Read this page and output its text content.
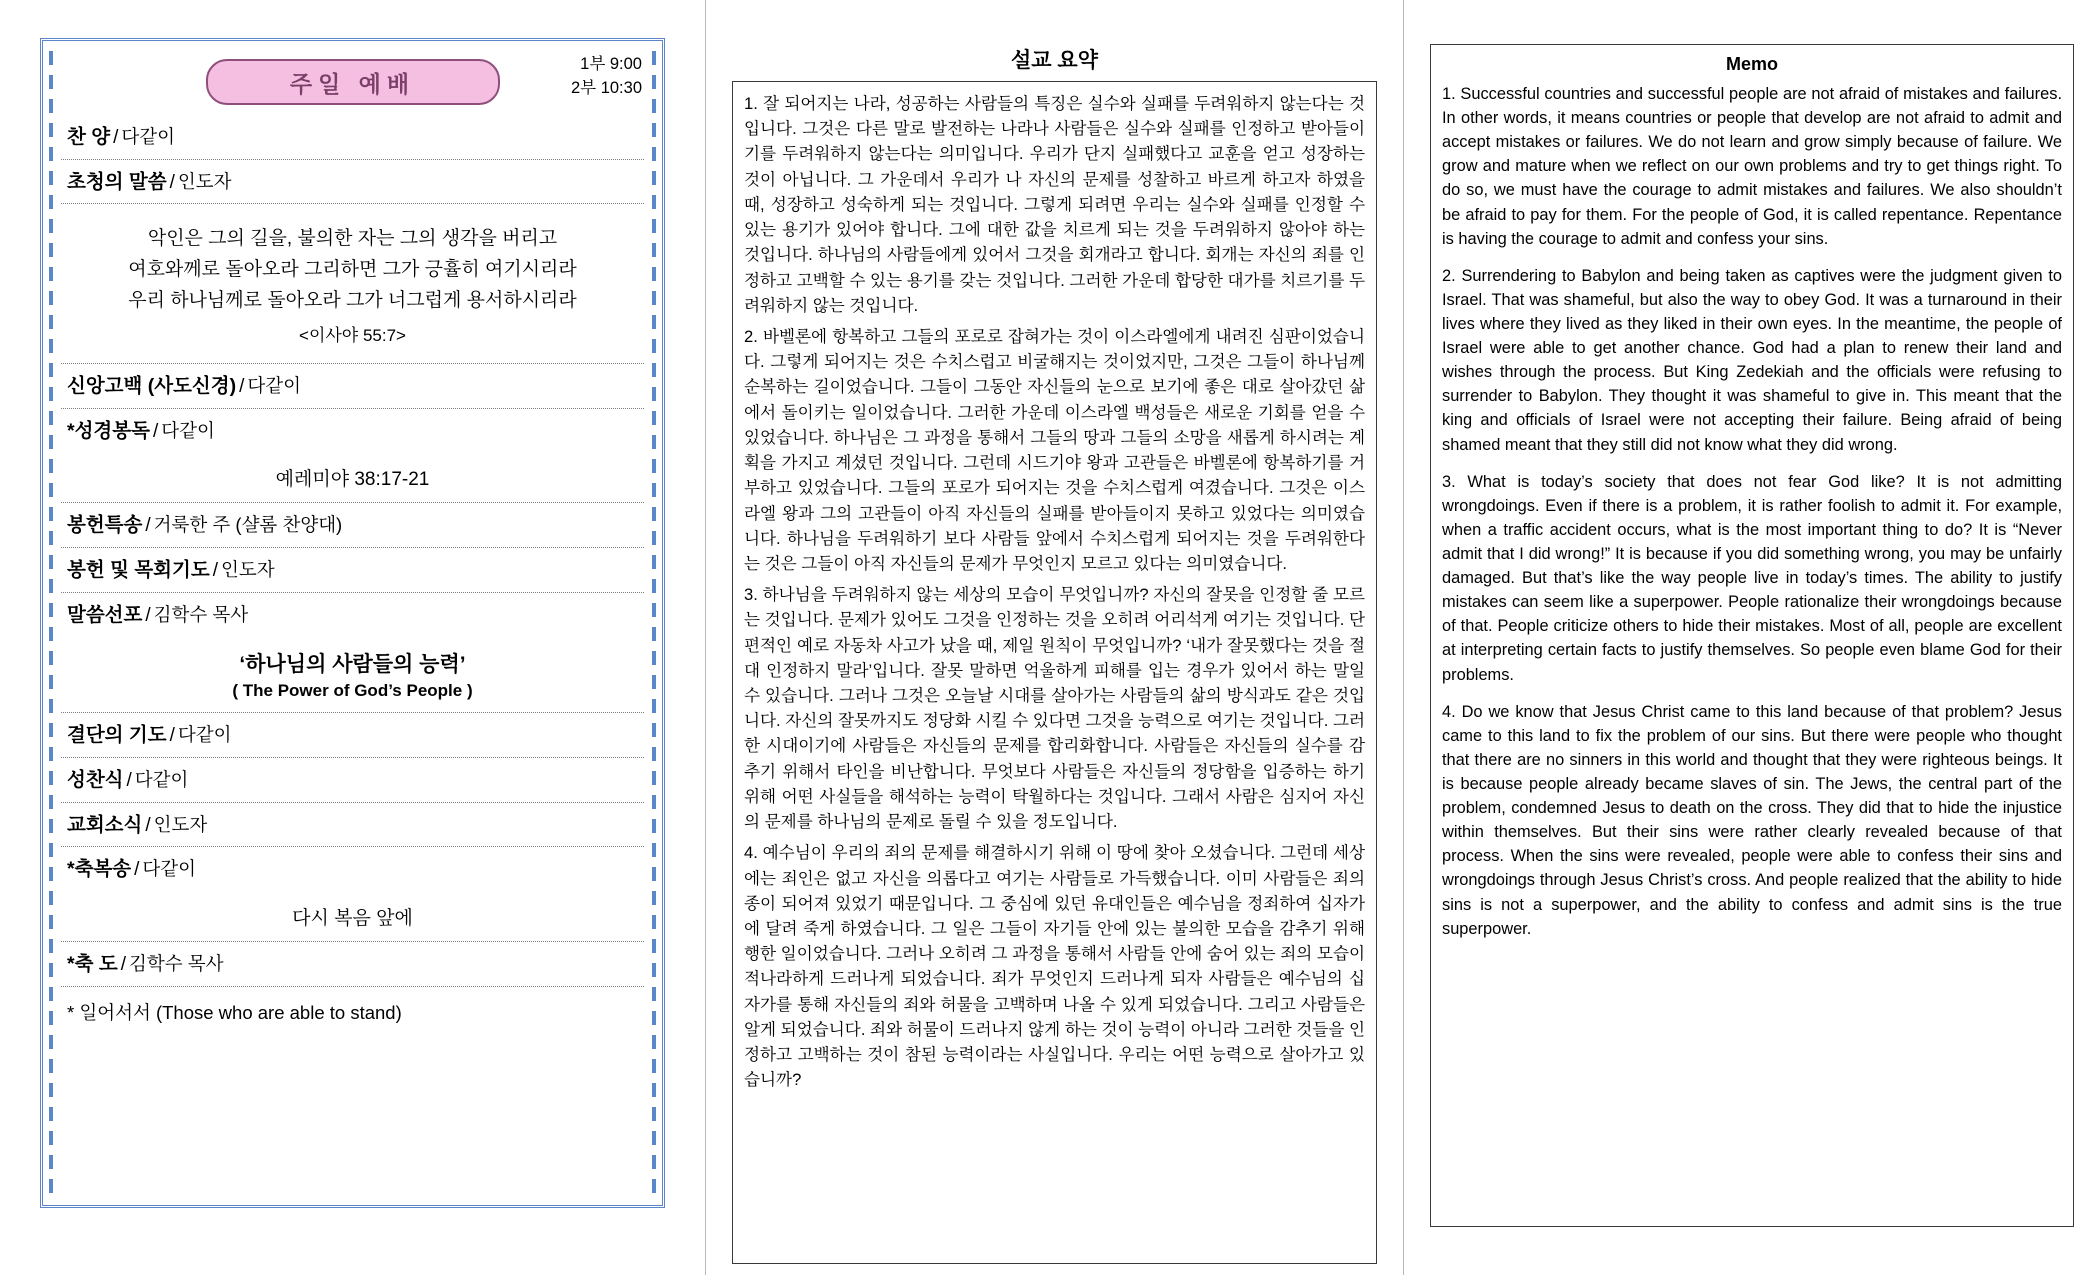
주일 예배
1부 9:00
2부 10:30
찬 양 / 다같이
초청의 말씀 / 인도자
악인은 그의 길을, 불의한 자는 그의 생각을 버리고
여호와께로 돌아오라 그리하면 그가 긍휼히 여기시리라
우리 하나님께로 돌아오라 그가 너그럽게 용서하시리라
<이사야 55:7>
신앙고백 (사도신경) / 다같이
*성경봉독 / 다같이
예레미야 38:17-21
봉헌특송 / 거룩한 주 (샬롬 찬양대)
봉헌 및 목회기도 / 인도자
말씀선포 / 김학수 목사
‘하나님의 사람들의 능력’
( The Power of God’s People )
결단의 기도 / 다같이
성찬식 / 다같이
교회소식 / 인도자
*축복송 / 다같이
다시 복음 앞에
*축 도 / 김학수 목사
* 일어서서 (Those who are able to stand)
설교 요약

1. 잘 되어지는 나라, 성공하는 사람들의 특징은 실수와 실패를 두려워하지 않는다는 것입니다. 그것은 다른 말로 발전하는 나라나 사람들은 실수와 실패를 인정하고 받아들이기를 두려워하지 않는다는 의미입니다. 우리가 단지 실패했다고 교훈을 얻고 성장하는 것이 아닙니다. 그 가운데서 우리가 나 자신의 문제를 성찰하고 바르게 하고자 하였을 때, 성장하고 성숙하게 되는 것입니다. 그렇게 되려면 우리는 실수와 실패를 인정할 수 있는 용기가 있어야 합니다. 그에 대한 값을 치르게 되는 것을 두려워하지 않아야 하는 것입니다. 하나님의 사람들에게 있어서 그것을 회개라고 합니다. 회개는 자신의 죄를 인정하고 고백할 수 있는 용기를 갖는 것입니다. 그러한 가운데 합당한 대가를 치르기를 두려워하지 않는 것입니다.

2. 바벨론에 항복하고 그들의 포로로 잡혀가는 것이 이스라엘에게 내려진 심판이었습니다. 그렇게 되어지는 것은 수치스럽고 비굴해지는 것이었지만, 그것은 그들이 하나님께 순복하는 길이었습니다. 그들이 그동안 자신들의 눈으로 보기에 좋은 대로 살아갔던 삶에서 돌이키는 일이었습니다. 그러한 가운데 이스라엘 백성들은 새로운 기회를 얻을 수 있었습니다. 하나님은 그 과정을 통해서 그들의 땅과 그들의 소망을 새롭게 하시려는 계획을 가지고 계셨던 것입니다. 그런데 시드기야 왕과 고관들은 바벨론에 항복하기를 거부하고 있었습니다. 그들의 포로가 되어지는 것을 수치스럽게 여겼습니다. 그것은 이스라엘 왕과 그의 고관들이 아직 자신들의 실패를 받아들이지 못하고 있었다는 의미였습니다. 하나님을 두려워하기 보다 사람들 앞에서 수치스럽게 되어지는 것을 두려워한다는 것은 그들이 아직 자신들의 문제가 무엇인지 모르고 있다는 의미였습니다.

3. 하나님을 두려워하지 않는 세상의 모습이 무엇입니까? 자신의 잘못을 인정할 줄 모르는 것입니다. 문제가 있어도 그것을 인정하는 것을 오히려 어리석게 여기는 것입니다. 단편적인 예로 자동차 사고가 났을 때, 제일 원칙이 무엇입니까? ‘내가 잘못했다는 것을 절대 인정하지 말라’입니다. 잘못 말하면 억울하게 피해를 입는 경우가 있어서 하는 말일 수 있습니다. 그러나 그것은 오늘날 시대를 살아가는 사람들의 삶의 방식과도 같은 것입니다. 자신의 잘못까지도 정당화 시킬 수 있다면 그것을 능력으로 여기는 것입니다. 그러한 시대이기에 사람들은 자신들의 문제를 합리화합니다. 사람들은 자신들의 실수를 감추기 위해서 타인을 비난합니다. 무엇보다 사람들은 자신들의 정당함을 입증하는 하기 위해 어떤 사실들을 해석하는 능력이 탁월하다는 것입니다. 그래서 사람은 심지어 자신의 문제를 하나님의 문제로 돌릴 수 있을 정도입니다.

4. 예수님이 우리의 죄의 문제를 해결하시기 위해 이 땅에 찾아 오셨습니다. 그런데 세상에는 죄인은 없고 자신을 의롭다고 여기는 사람들로 가득했습니다. 이미 사람들은 죄의 종이 되어져 있었기 때문입니다. 그 중심에 있던 유대인들은 예수님을 정죄하여 십자가에 달려 죽게 하였습니다. 그 일은 그들이 자기들 안에 있는 불의한 모습을 감추기 위해 행한 일이었습니다. 그러나 오히려 그 과정을 통해서 사람들 안에 숨어 있는 죄의 모습이 적나라하게 드러나게 되었습니다. 죄가 무엇인지 드러나게 되자 사람들은 예수님의 십자가를 통해 자신들의 죄와 허물을 고백하며 나올 수 있게 되었습니다. 그리고 사람들은 알게 되었습니다. 죄와 허물이 드러나지 않게 하는 것이 능력이 아니라 그러한 것들을 인정하고 고백하는 것이 참된 능력이라는 사실입니다. 우리는 어떤 능력으로 살아가고 있습니까?

Memo

1. Successful countries and successful people are not afraid of mistakes and failures. In other words, it means countries or people that develop are not afraid to admit and accept mistakes or failures. We do not learn and grow simply because of failure. We grow and mature when we reflect on our own problems and try to get things right. To do so, we must have the courage to admit mistakes and failures. We also shouldn’t be afraid to pay for them. For the people of God, it is called repentance. Repentance is having the courage to admit and confess your sins.

2. Surrendering to Babylon and being taken as captives were the judgment given to Israel. That was shameful, but also the way to obey God. It was a turnaround in their lives where they lived as they liked in their own eyes. In the meantime, the people of Israel were able to get another chance. God had a plan to renew their land and wishes through the process. But King Zedekiah and the officials were refusing to surrender to Babylon. They thought it was shameful to give in. This meant that the king and officials of Israel were not accepting their failure. Being afraid of being shamed meant that they still did not know what they did wrong.

3. What is today’s society that does not fear God like? It is not admitting wrongdoings. Even if there is a problem, it is rather foolish to admit it. For example, when a traffic accident occurs, what is the most important thing to do? It is “Never admit that I did wrong!” It is because if you did something wrong, you may be unfairly damaged. But that’s like the way people live in today’s times. The ability to justify mistakes can seem like a superpower. People rationalize their wrongdoings because of that. People criticize others to hide their mistakes. Most of all, people are excellent at interpreting certain facts to justify themselves. So people even blame God for their problems.

4. Do we know that Jesus Christ came to this land because of that problem? Jesus came to this land to fix the problem of our sins. But there were people who thought that there are no sinners in this world and thought that they were righteous beings. It is because people already became slaves of sin. The Jews, the central part of the problem, condemned Jesus to death on the cross. They did that to hide the injustice within themselves. But their sins were rather clearly revealed because of that process. When the sins were revealed, people were able to confess their sins and wrongdoings through Jesus Christ’s cross. And people realized that the ability to hide sins is not a superpower, and the ability to confess and admit sins is the true superpower.
